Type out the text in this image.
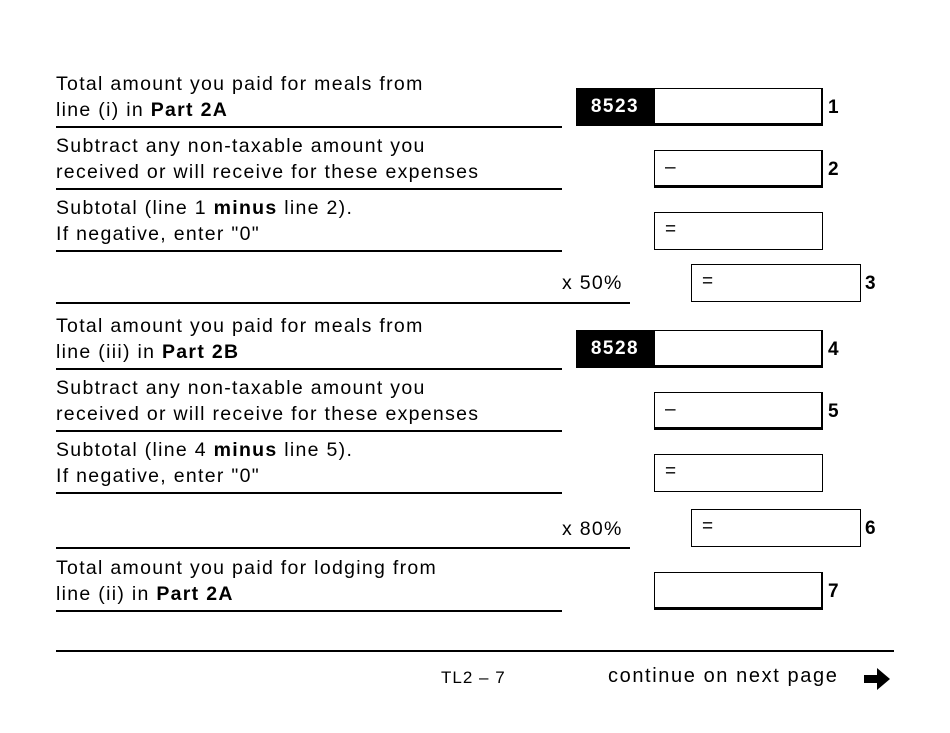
Total amount you paid for meals from
line (i) in Part 2A	8523	1
Subtract any non-taxable amount you
received or will receive for these expenses	–	2
Subtotal (line 1 minus line 2).
If negative, enter "0"	=
x 50%	=	3
Total amount you paid for meals from
line (iii) in Part 2B	8528	4
Subtract any non-taxable amount you
received or will receive for these expenses	–	5
Subtotal (line 4 minus line 5).
If negative, enter "0"	=
x 80%	=	6
Total amount you paid for lodging from
line (ii) in Part 2A	7
TL2 – 7	continue on next page
